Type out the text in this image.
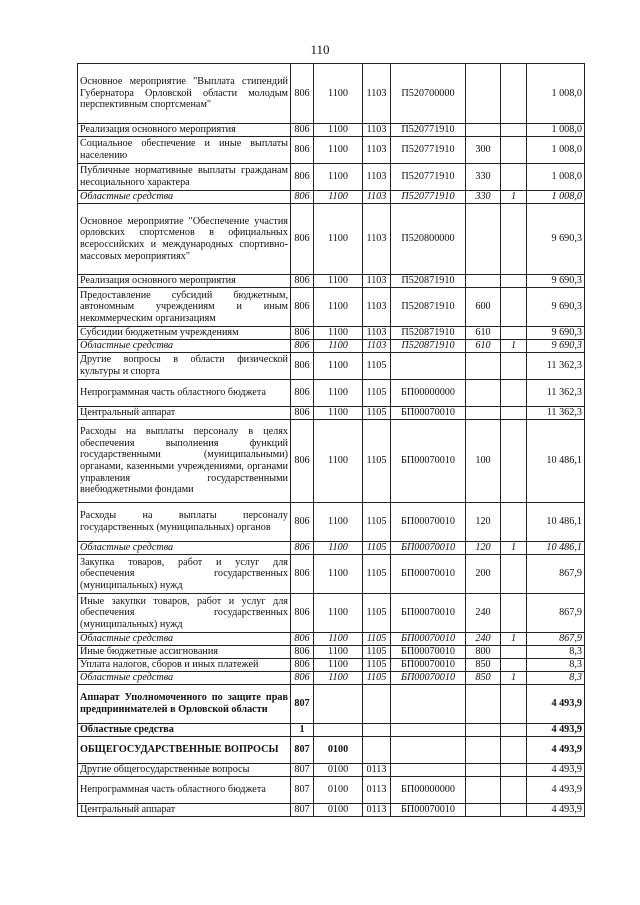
110
Основное мероприятие "Выплата стипендий Губернатора Орловской области молодым перспективным спортсменам"	806	1100	1103	П520700000			1 008,0
Реализация основного мероприятия	806	1100	1103	П520771910			1 008,0
Социальное обеспечение и иные выплаты населению	806	1100	1103	П520771910	300		1 008,0
Публичные нормативные выплаты гражданам несоциального характера	806	1100	1103	П520771910	330		1 008,0
Областные средства	806	1100	1103	П520771910	330	1	1 008,0
Основное мероприятие "Обеспечение участия орловских спортсменов в официальных всероссийских и международных спортивно-массовых мероприятиях"	806	1100	1103	П520800000			9 690,3
Реализация основного мероприятия	806	1100	1103	П520871910			9 690,3
Предоставление субсидий бюджетным, автономным учреждениям и иным некоммерческим организациям	806	1100	1103	П520871910	600		9 690,3
Субсидии бюджетным учреждениям	806	1100	1103	П520871910	610		9 690,3
Областные средства	806	1100	1103	П520871910	610	1	9 690,3
Другие вопросы в области физической культуры и спорта	806	1100	1105				11 362,3
Непрограммная часть областного бюджета	806	1100	1105	БП00000000			11 362,3
Центральный аппарат	806	1100	1105	БП00070010			11 362,3
Расходы на выплаты персоналу в целях обеспечения выполнения функций государственными (муниципальными) органами, казенными учреждениями, органами управления государственными внебюджетными фондами	806	1100	1105	БП00070010	100		10 486,1
Расходы на выплаты персоналу государственных (муниципальных) органов	806	1100	1105	БП00070010	120		10 486,1
Областные средства	806	1100	1105	БП00070010	120	1	10 486,1
Закупка товаров, работ и услуг для обеспечения государственных (муниципальных) нужд	806	1100	1105	БП00070010	200		867,9
Иные закупки товаров, работ и услуг для обеспечения государственных (муниципальных) нужд	806	1100	1105	БП00070010	240		867,9
Областные средства	806	1100	1105	БП00070010	240	1	867,9
Иные бюджетные ассигнования	806	1100	1105	БП00070010	800		8,3
Уплата налогов, сборов и иных платежей	806	1100	1105	БП00070010	850		8,3
Областные средства	806	1100	1105	БП00070010	850	1	8,3
Аппарат Уполномоченного по защите прав предпринимателей в Орловской области	807						4 493,9
Областные средства	1						4 493,9
ОБЩЕГОСУДАРСТВЕННЫЕ ВОПРОСЫ	807	0100					4 493,9
Другие общегосударственные вопросы	807	0100	0113				4 493,9
Непрограммная часть областного бюджета	807	0100	0113	БП00000000			4 493,9
Центральный аппарат	807	0100	0113	БП00070010			4 493,9
